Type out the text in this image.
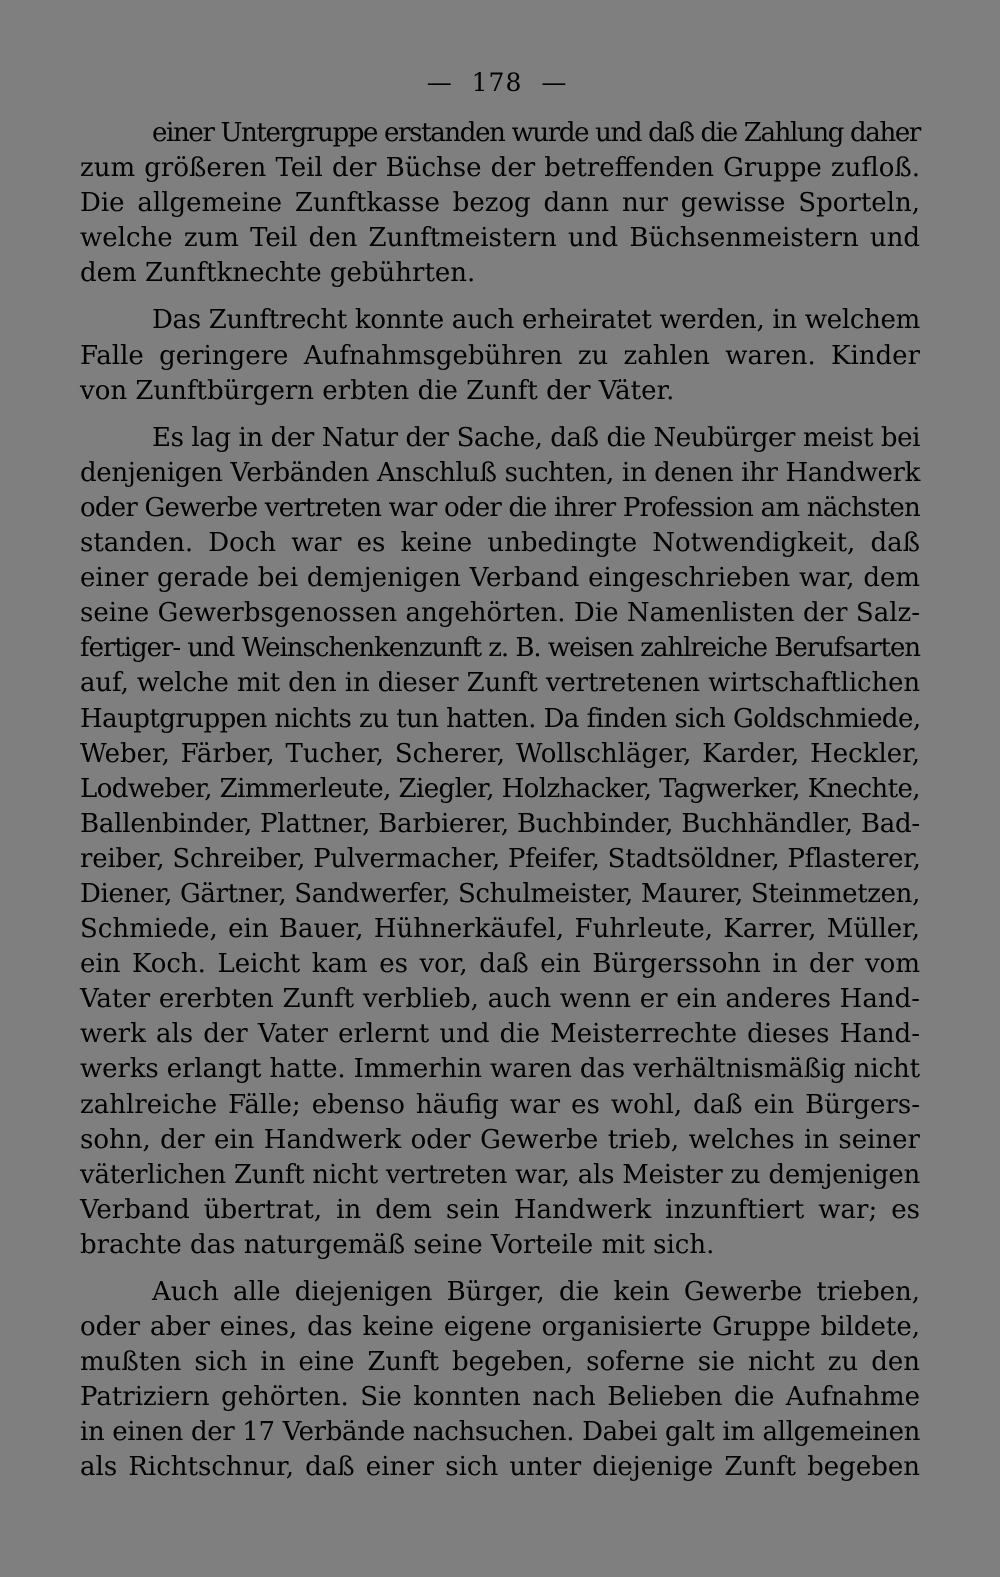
— 178 —
einer Untergruppe erstanden wurde und daß die Zahlung daher
zum größeren Teil der Büchse der betreffenden Gruppe zufloß.
Die allgemeine Zunftkasse bezog dann nur gewisse Sporteln,
welche zum Teil den Zunftmeistern und Büchsenmeistern und
dem Zunftknechte gebührten.
Das Zunftrecht konnte auch erheiratet werden, in welchem
Falle geringere Aufnahmsgebühren zu zahlen waren. Kinder
von Zunftbürgern erbten die Zunft der Väter.
Es lag in der Natur der Sache, daß die Neubürger meist bei
denjenigen Verbänden Anschluß suchten, in denen ihr Handwerk
oder Gewerbe vertreten war oder die ihrer Profession am nächsten
standen. Doch war es keine unbedingte Notwendigkeit, daß
einer gerade bei demjenigen Verband eingeschrieben war, dem
seine Gewerbsgenossen angehörten. Die Namenlisten der Salz-
fertiger- und Weinschenkenzunft z. B. weisen zahlreiche Berufsarten
auf, welche mit den in dieser Zunft vertretenen wirtschaftlichen
Hauptgruppen nichts zu tun hatten. Da finden sich Goldschmiede,
Weber, Färber, Tucher, Scherer, Wollschläger, Karder, Heckler,
Lodweber, Zimmerleute, Ziegler, Holzhacker, Tagwerker, Knechte,
Ballenbinder, Plattner, Barbierer, Buchbinder, Buchhändler, Bad-
reiber, Schreiber, Pulvermacher, Pfeifer, Stadtsöldner, Pflasterer,
Diener, Gärtner, Sandwerfer, Schulmeister, Maurer, Steinmetzen,
Schmiede, ein Bauer, Hühnerkäufel, Fuhrleute, Karrer, Müller,
ein Koch. Leicht kam es vor, daß ein Bürgerssohn in der vom
Vater ererbten Zunft verblieb, auch wenn er ein anderes Hand-
werk als der Vater erlernt und die Meisterrechte dieses Hand-
werks erlangt hatte. Immerhin waren das verhältnismäßig nicht
zahlreiche Fälle; ebenso häufig war es wohl, daß ein Bürgers-
sohn, der ein Handwerk oder Gewerbe trieb, welches in seiner
väterlichen Zunft nicht vertreten war, als Meister zu demjenigen
Verband übertrat, in dem sein Handwerk inzunftiert war; es
brachte das naturgemäß seine Vorteile mit sich.
Auch alle diejenigen Bürger, die kein Gewerbe trieben,
oder aber eines, das keine eigene organisierte Gruppe bildete,
mußten sich in eine Zunft begeben, soferne sie nicht zu den
Patriziern gehörten. Sie konnten nach Belieben die Aufnahme
in einen der 17 Verbände nachsuchen. Dabei galt im allgemeinen
als Richtschnur, daß einer sich unter diejenige Zunft begeben
